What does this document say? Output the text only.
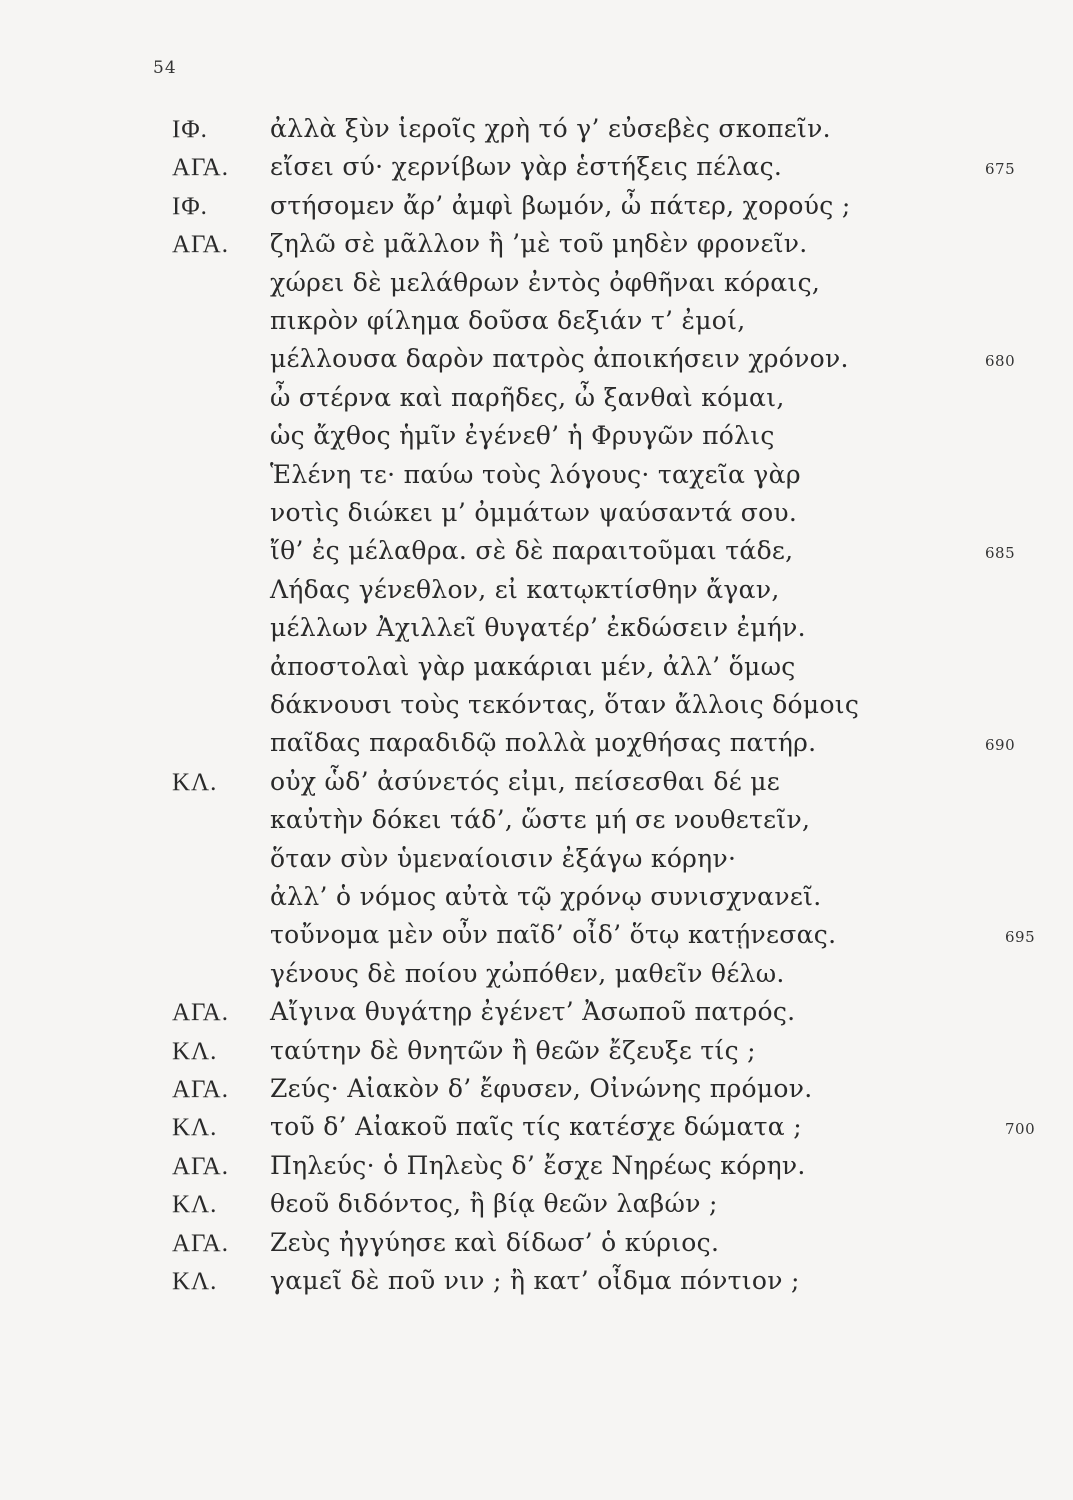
54
ΙΦ. ἀλλὰ ξὺν ἱεροῖς χρὴ τό γ’ εὐσεβὲς σκοπεῖν.
ΑΓΑ. εἴσει σύ· χερνίβων γὰρ ἑστήξεις πέλας.	675
ΙΦ. στήσομεν ἄρ’ ἀμφὶ βωμόν, ὦ πάτερ, χορούς ;
ΑΓΑ. ζηλῶ σὲ μᾶλλον ἢ ’μὲ τοῦ μηδὲν φρονεῖν.
χώρει δὲ μελάθρων ἐντὸς ὀφθῆναι κόραις,
πικρὸν φίλημα δοῦσα δεξιάν τ’ ἐμοί,
μέλλουσα δαρὸν πατρὸς ἀποικήσειν χρόνον.	680
ὦ στέρνα καὶ παρῆδες, ὦ ξανθαὶ κόμαι,
ὡς ἄχθος ἡμῖν ἐγένεθ’ ἡ Φρυγῶν πόλις
Ἑλένη τε· παύω τοὺς λόγους· ταχεῖα γὰρ
νοτὶς διώκει μ’ ὀμμάτων ψαύσαντά σου.
ἴθ’ ἐς μέλαθρα. σὲ δὲ παραιτοῦμαι τάδε,	685
Λήδας γένεθλον, εἰ κατῳκτίσθην ἄγαν,
μέλλων Ἀχιλλεῖ θυγατέρ’ ἐκδώσειν ἐμήν.
ἀποστολαὶ γὰρ μακάριαι μέν, ἀλλ’ ὅμως
δάκνουσι τοὺς τεκόντας, ὅταν ἄλλοις δόμοις
παῖδας παραδιδῷ πολλὰ μοχθήσας πατήρ.	690
ΚΛ. οὐχ ὧδ’ ἀσύνετός εἰμι, πείσεσθαι δέ με
καὐτὴν δόκει τάδ’, ὥστε μή σε νουθετεῖν,
ὅταν σὺν ὑμεναίοισιν ἐξάγω κόρην·
ἀλλ’ ὁ νόμος αὐτὰ τῷ χρόνῳ συνισχνανεῖ.
τοὔνομα μὲν οὖν παῖδ’ οἶδ’ ὅτῳ κατῄνεσας.	695
γένους δὲ ποίου χὠπόθεν, μαθεῖν θέλω.
ΑΓΑ. Αἴγινα θυγάτηρ ἐγένετ’ Ἀσωποῦ πατρός.
ΚΛ. ταύτην δὲ θνητῶν ἢ θεῶν ἔζευξε τίς ;
ΑΓΑ. Ζεύς· Αἰακὸν δ’ ἔφυσεν, Οἰνώνης πρόμον.
ΚΛ. τοῦ δ’ Αἰακοῦ παῖς τίς κατέσχε δώματα ;	700
ΑΓΑ. Πηλεύς· ὁ Πηλεὺς δ’ ἔσχε Νηρέως κόρην.
ΚΛ. θεοῦ διδόντος, ἢ βίᾳ θεῶν λαβών ;
ΑΓΑ. Ζεὺς ἠγγύησε καὶ δίδωσ’ ὁ κύριος.
ΚΛ. γαμεῖ δὲ ποῦ νιν ; ἢ κατ’ οἶδμα πόντιον ;
